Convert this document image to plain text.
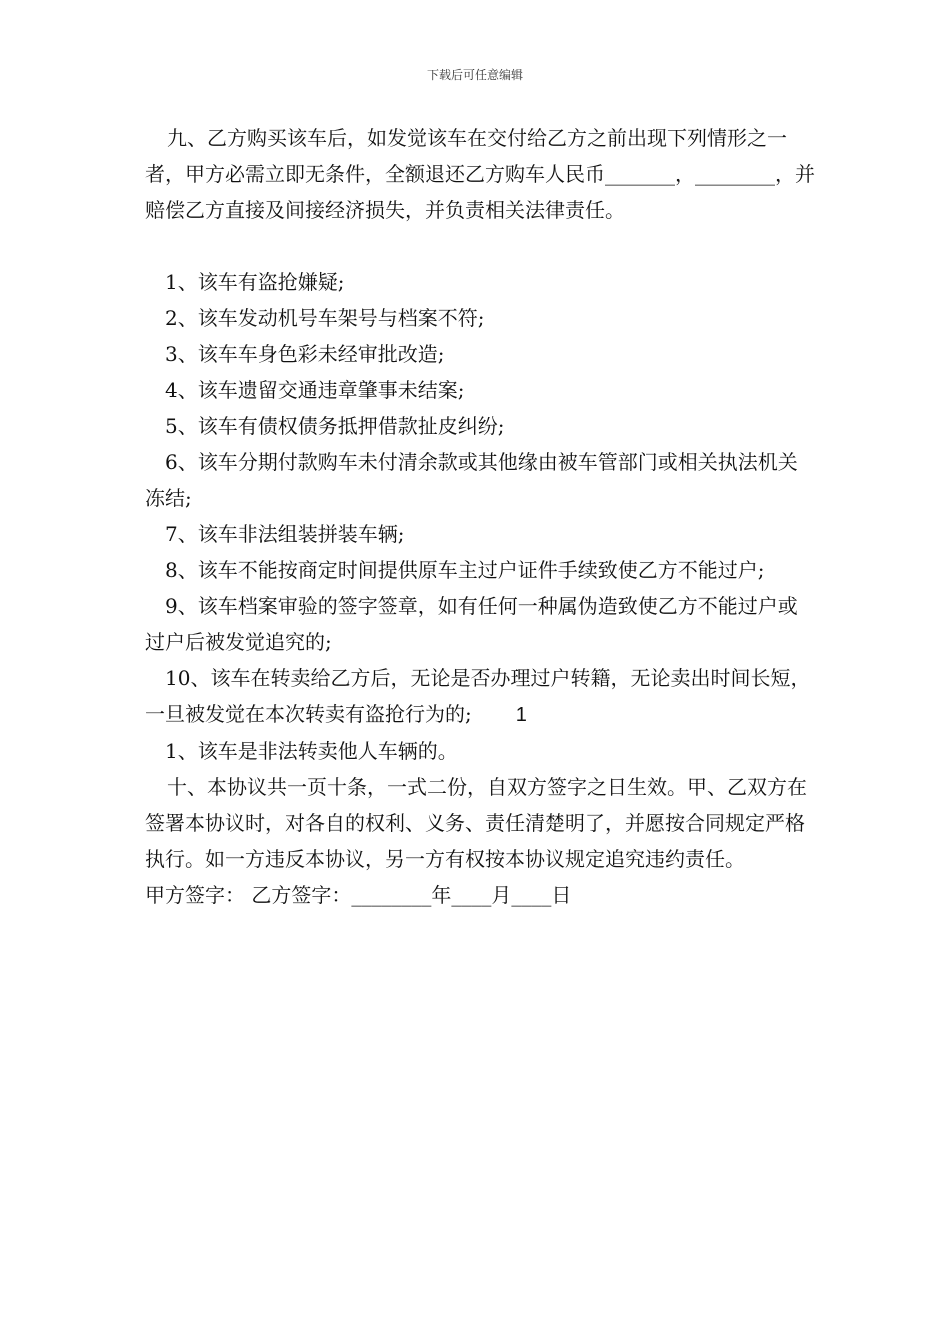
下载后可任意编辑

九、乙方购买该车后，如发觉该车在交付给乙方之前出现下列情形之一者，甲方必需立即无条件，全额退还乙方购车人民币_______，________，并赔偿乙方直接及间接经济损失，并负责相关法律责任。

1、该车有盗抢嫌疑;

2、该车发动机号车架号与档案不符;

3、该车车身色彩未经审批改造;

4、该车遗留交通违章肇事未结案;

5、该车有债权债务抵押借款扯皮纠纷;

6、该车分期付款购车未付清余款或其他缘由被车管部门或相关执法机关冻结;

7、该车非法组装拼装车辆;

8、该车不能按商定时间提供原车主过户证件手续致使乙方不能过户;

9、该车档案审验的签字签章，如有任何一种属伪造致使乙方不能过户或过户后被发觉追究的;

10、该车在转卖给乙方后，无论是否办理过户转籍，无论卖出时间长短，一旦被发觉在本次转卖有盗抢行为的; 1

1、该车是非法转卖他人车辆的。

十、本协议共一页十条，一式二份，自双方签字之日生效。甲、乙双方在签署本协议时，对各自的权利、义务、责任清楚明了，并愿按合同规定严格执行。如一方违反本协议，另一方有权按本协议规定追究违约责任。甲方签字： 乙方签字：________年____月____日
